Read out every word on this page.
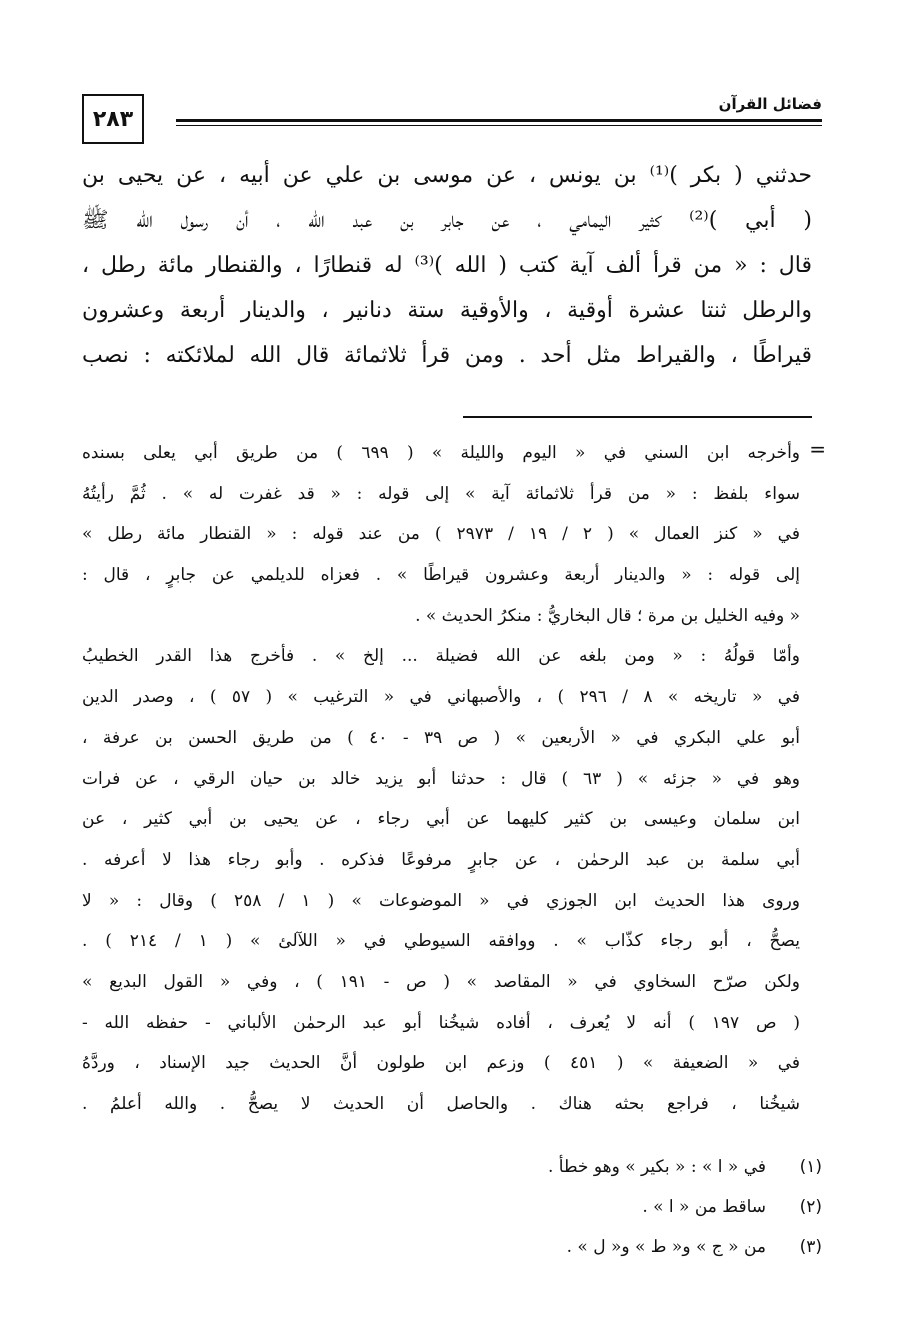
٢٨٣
فضائل القرآن
حدثني ( بكر )⁽¹⁾ بن يونس ، عن موسى بن علي عن أبيه ، عن يحيى بن
( أبي )⁽²⁾ كثير اليمامي ، عن جابر بن عبد الله ، أن رسول الله ﷺ
قال : « من قرأ ألف آية كتب ( الله )⁽³⁾ له قنطارًا ، والقنطار مائة رطل ،
والرطل ثنتا عشرة أوقية ، والأوقية ستة دنانير ، والدينار أربعة وعشرون
قيراطًا ، والقيراط مثل أحد . ومن قرأ ثلاثمائة قال الله لملائكته : نصب
=
وأخرجه ابن السني في « اليوم والليلة » ( ٦٩٩ ) من طريق أبي يعلى بسنده
سواء بلفظ : « من قرأ ثلاثمائة آية » إلى قوله : « قد غفرت له » . ثُمَّ رأيتُهُ
في « كنز العمال » ( ٢ / ١٩ / ٢٩٧٣ ) من عند قوله : « القنطار مائة رطل »
إلى قوله : « والدينار أربعة وعشرون قيراطًا » . فعزاه للديلمي عن جابرٍ ، قال :
« وفيه الخليل بن مرة ؛ قال البخاريُّ : منكرُ الحديث » .
وأمّا قولُهُ : « ومن بلغه عن الله فضيلة ... إلخ » . فأخرج هذا القدر الخطيبُ
في « تاريخه » ٨ / ٢٩٦ ) ، والأصبهاني في « الترغيب » ( ٥٧ ) ، وصدر الدين
أبو علي البكري في « الأربعين » ( ص ٣٩ - ٤٠ ) من طريق الحسن بن عرفة ،
وهو في « جزئه » ( ٦٣ ) قال : حدثنا أبو يزيد خالد بن حيان الرقي ، عن فرات
ابن سلمان وعيسى بن كثير كليهما عن أبي رجاء ، عن يحيى بن أبي كثير ، عن
أبي سلمة بن عبد الرحمٰن ، عن جابرٍ مرفوعًا فذكره . وأبو رجاء هذا لا أعرفه .
وروى هذا الحديث ابن الجوزي في « الموضوعات » ( ١ / ٢٥٨ ) وقال : « لا
يصحُّ ، أبو رجاء كذّاب » . ووافقه السيوطي في « اللآلئ » ( ١ / ٢١٤ ) .
ولكن صرّح السخاوي في « المقاصد » ( ص - ١٩١ ) ، وفي « القول البديع »
( ص ١٩٧ ) أنه لا يُعرف ، أفاده شيخُنا أبو عبد الرحمٰن الألباني - حفظه الله -
في « الضعيفة » ( ٤٥١ ) وزعم ابن طولون أنَّ الحديث جيد الإسناد ، وردَّهُ
شيخُنا ، فراجع بحثه هناك . والحاصل أن الحديث لا يصحُّ . والله أعلمُ .
(١)
في « ا » : « بكير » وهو خطأ .
(٢)
ساقط من « ا » .
(٣)
من « ج » و« ط » و« ل » .
